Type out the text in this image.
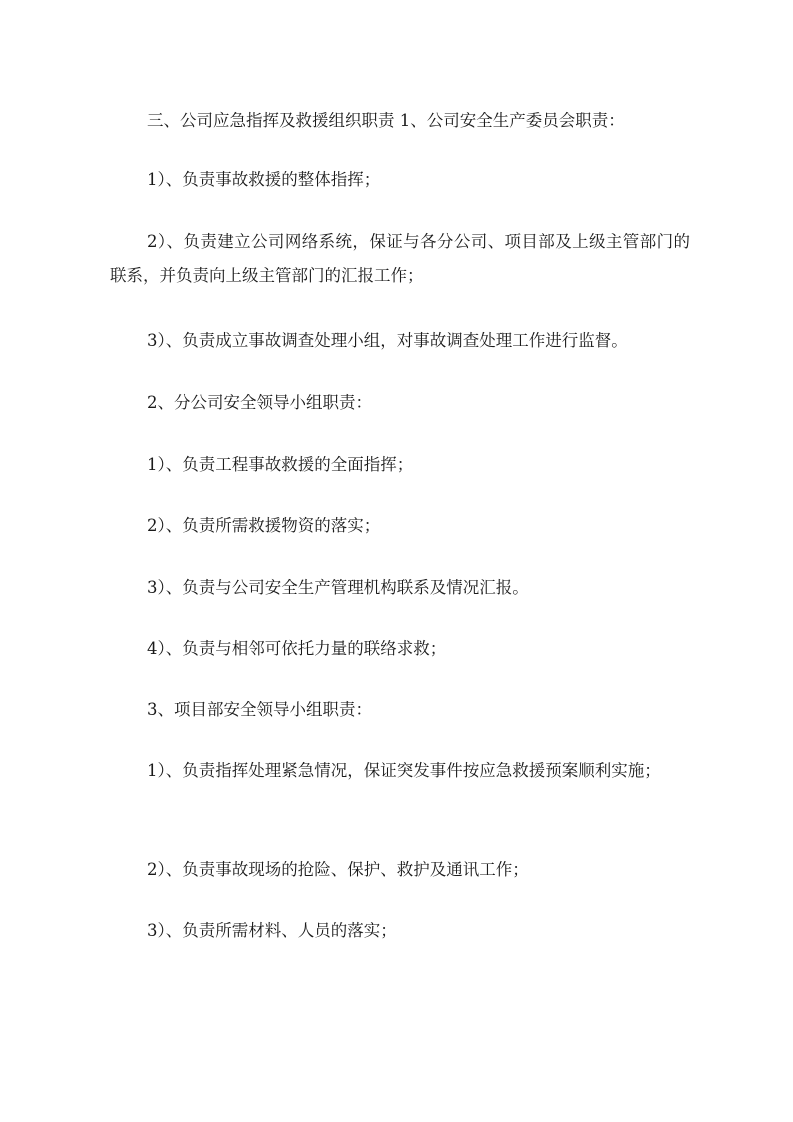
三、公司应急指挥及救援组织职责 1、公司安全生产委员会职责：

1）、负责事故救援的整体指挥；

2）、负责建立公司网络系统，保证与各分公司、项目部及上级主管部门的联系，并负责向上级主管部门的汇报工作；

3）、负责成立事故调查处理小组，对事故调查处理工作进行监督。

2、分公司安全领导小组职责：

1）、负责工程事故救援的全面指挥；

2）、负责所需救援物资的落实；

3）、负责与公司安全生产管理机构联系及情况汇报。

4）、负责与相邻可依托力量的联络求救；

3、项目部安全领导小组职责：

1）、负责指挥处理紧急情况，保证突发事件按应急救援预案顺利实施；

2）、负责事故现场的抢险、保护、救护及通讯工作；

3）、负责所需材料、人员的落实；
